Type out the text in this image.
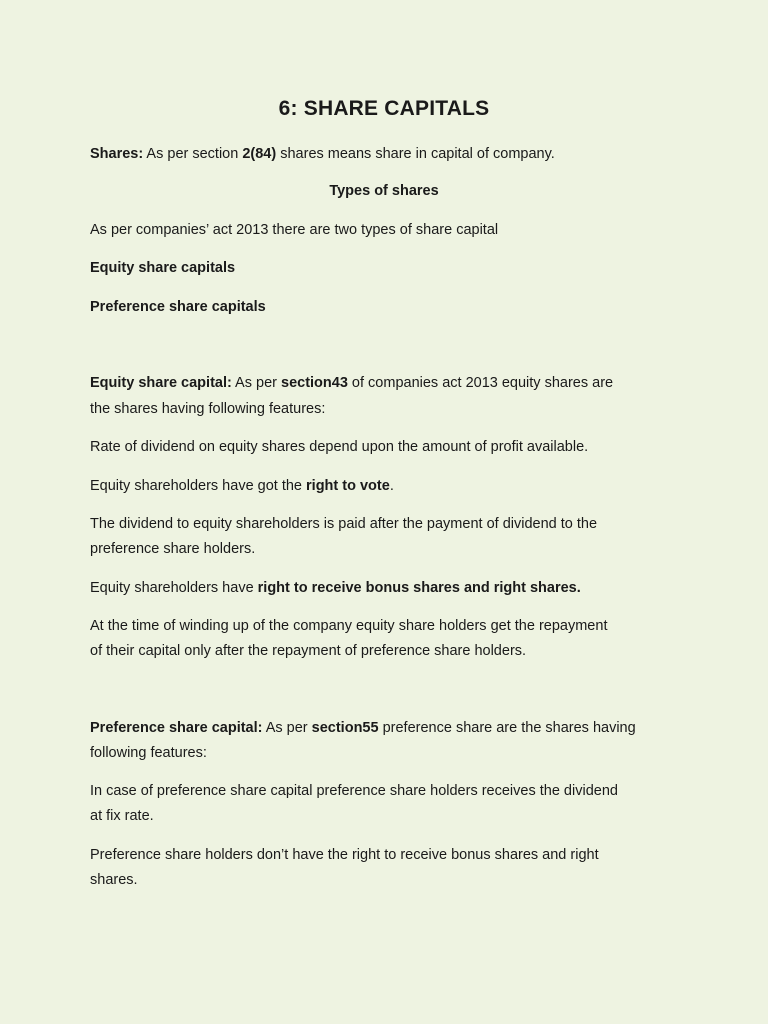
6: SHARE CAPITALS
Shares: As per section 2(84) shares means share in capital of company.
Types of shares
As per companies’ act 2013 there are two types of share capital
Equity share capitals
Preference share capitals
Equity share capital: As per section43 of companies act 2013 equity shares are
the shares having following features:
Rate of dividend on equity shares depend upon the amount of profit available.
Equity shareholders have got the right to vote.
The dividend to equity shareholders is paid after the payment of dividend to the
preference share holders.
Equity shareholders have right to receive bonus shares and right shares.
At the time of winding up of the company equity share holders get the repayment
of their capital only after the repayment of preference share holders.
Preference share capital: As per section55 preference share are the shares having
following features:
In case of preference share capital preference share holders receives the dividend
at fix rate.
Preference share holders don’t have the right to receive bonus shares and right
shares.
